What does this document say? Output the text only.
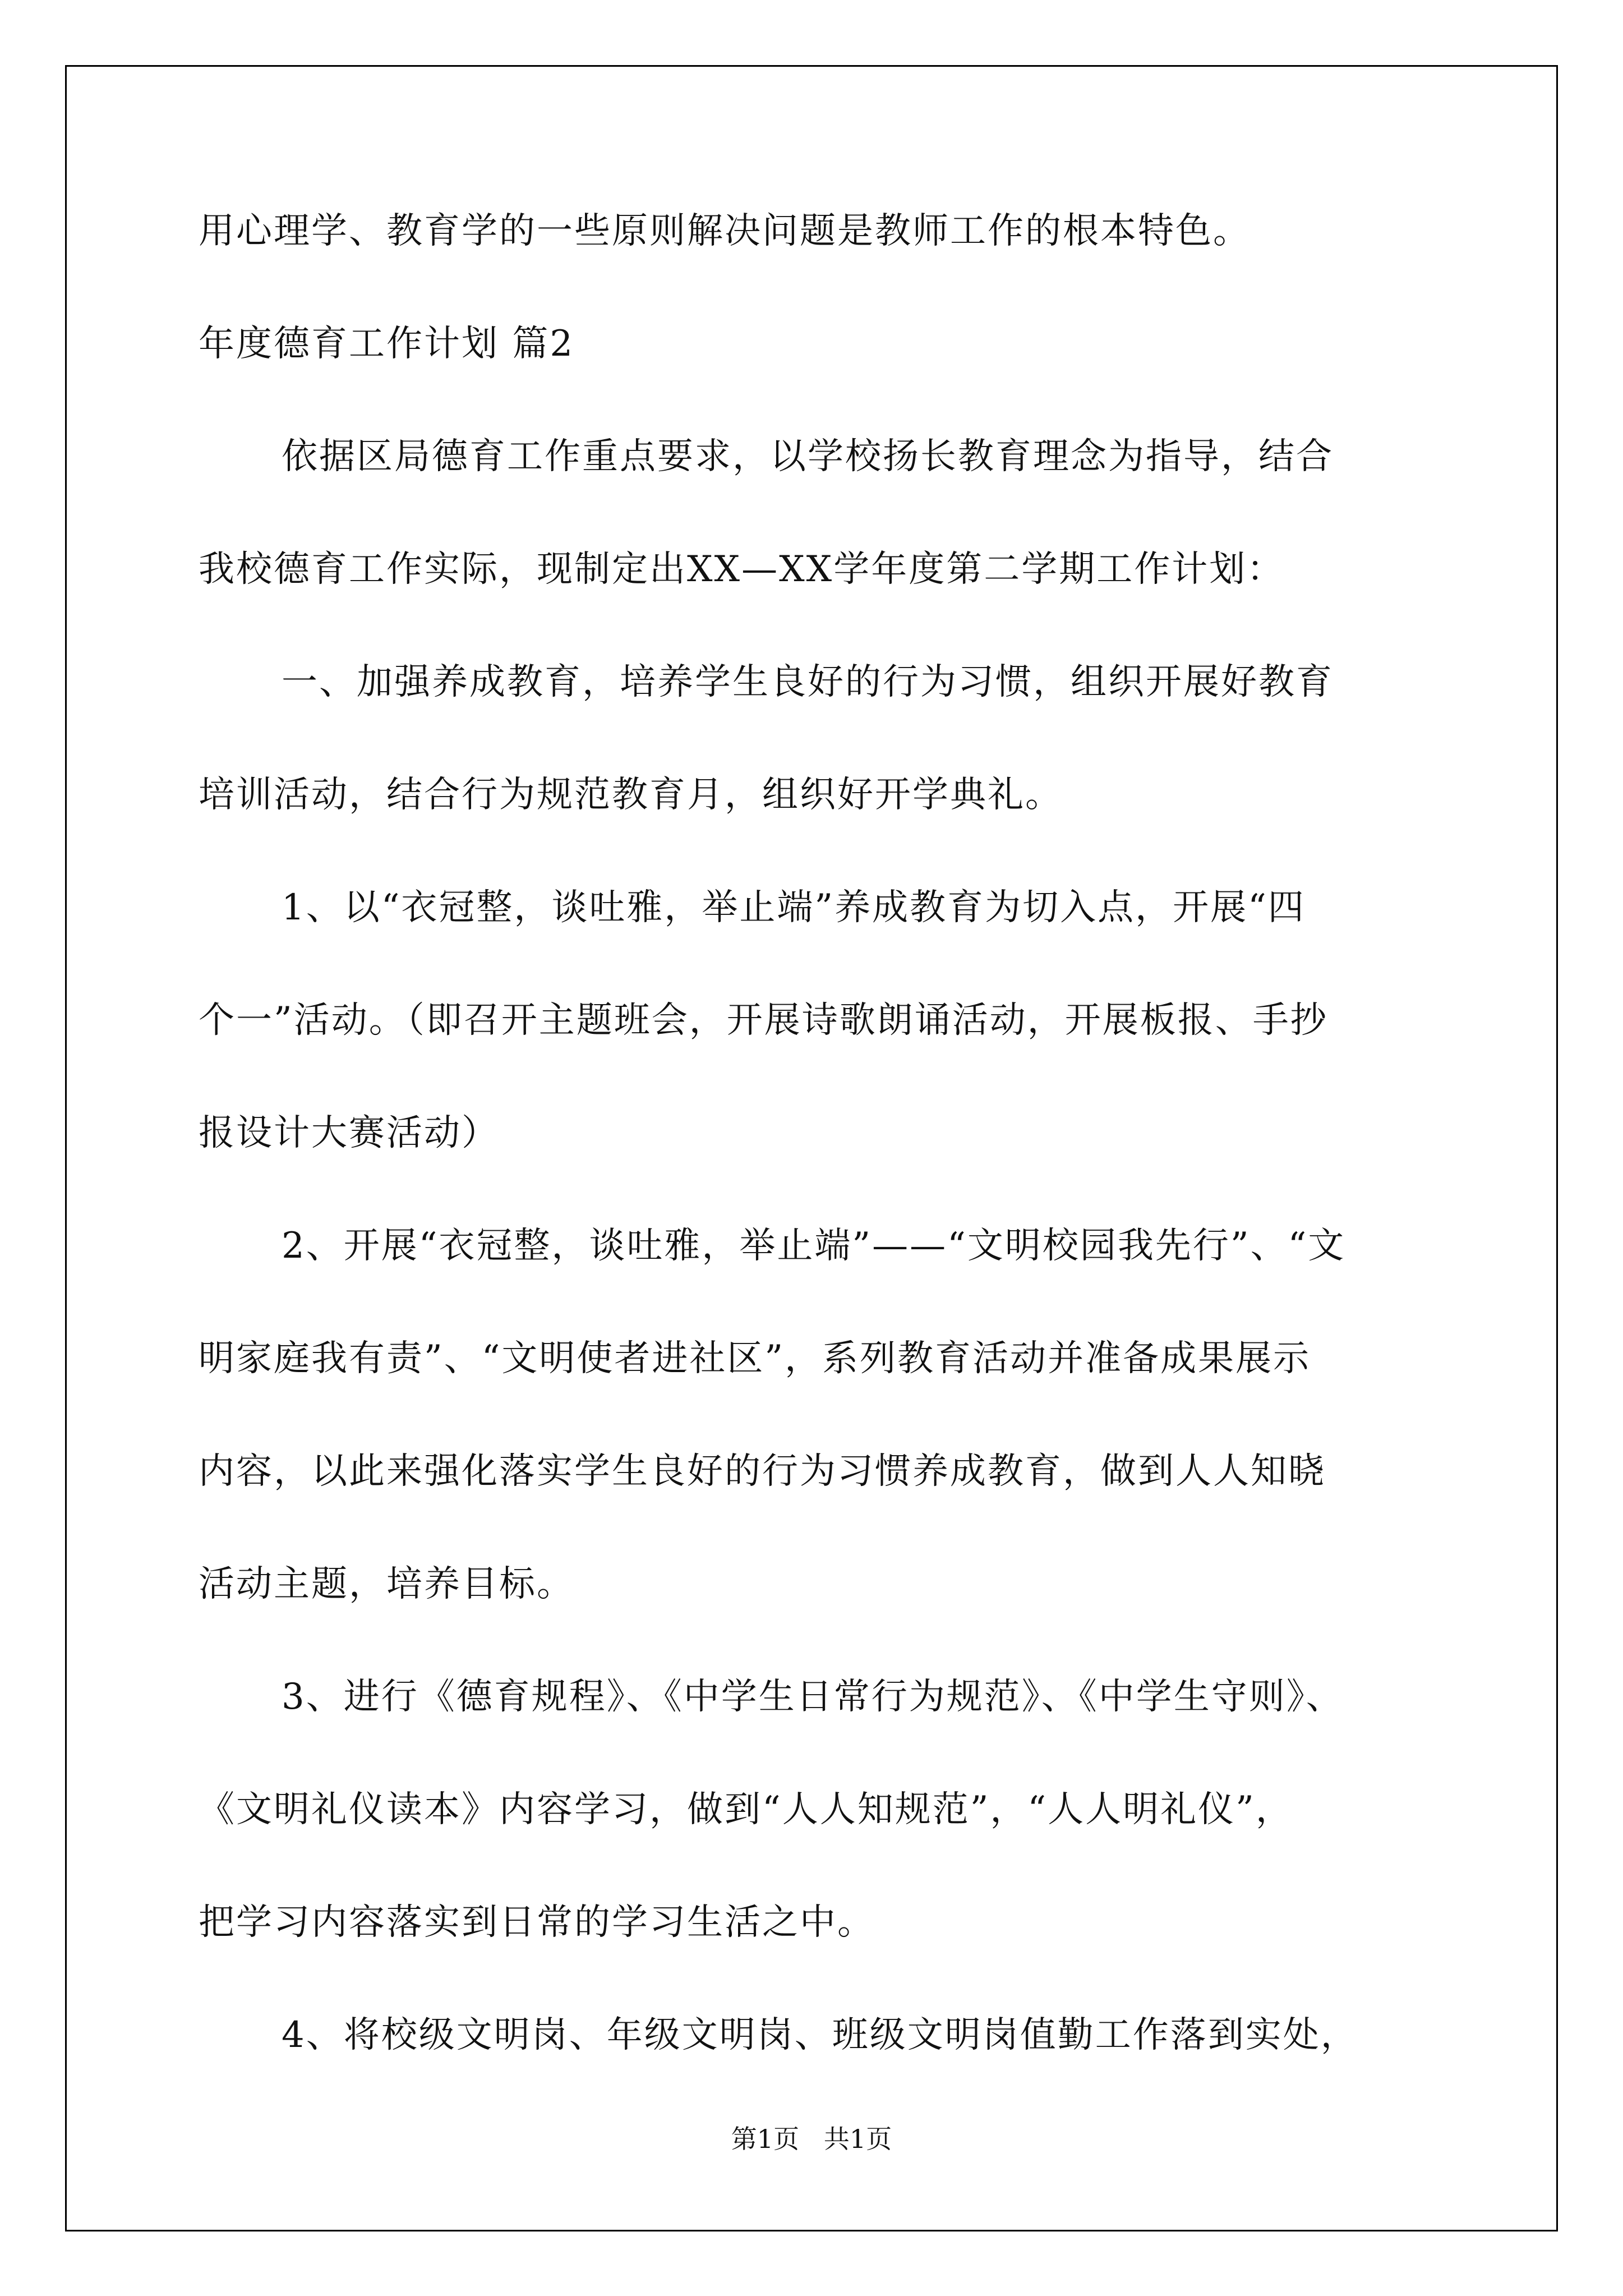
用心理学、教育学的一些原则解决问题是教师工作的根本特色。
年度德育工作计划 篇2
依据区局德育工作重点要求，以学校扬长教育理念为指导，结合
我校德育工作实际，现制定出XX—XX学年度第二学期工作计划：
一、加强养成教育，培养学生良好的行为习惯，组织开展好教育
培训活动，结合行为规范教育月，组织好开学典礼。
1、以“衣冠整，谈吐雅，举止端”养成教育为切入点，开展“四
个一”活动。（即召开主题班会，开展诗歌朗诵活动，开展板报、手抄
报设计大赛活动）
2、开展“衣冠整，谈吐雅，举止端”——“文明校园我先行”、“文
明家庭我有责”、“文明使者进社区”，系列教育活动并准备成果展示
内容，以此来强化落实学生良好的行为习惯养成教育，做到人人知晓
活动主题，培养目标。
3、进行《德育规程》、《中学生日常行为规范》、《中学生守则》、
《文明礼仪读本》内容学习，做到“人人知规范”，“人人明礼仪”，
把学习内容落实到日常的学习生活之中。
4、将校级文明岗、年级文明岗、班级文明岗值勤工作落到实处，
第1页   共1页
